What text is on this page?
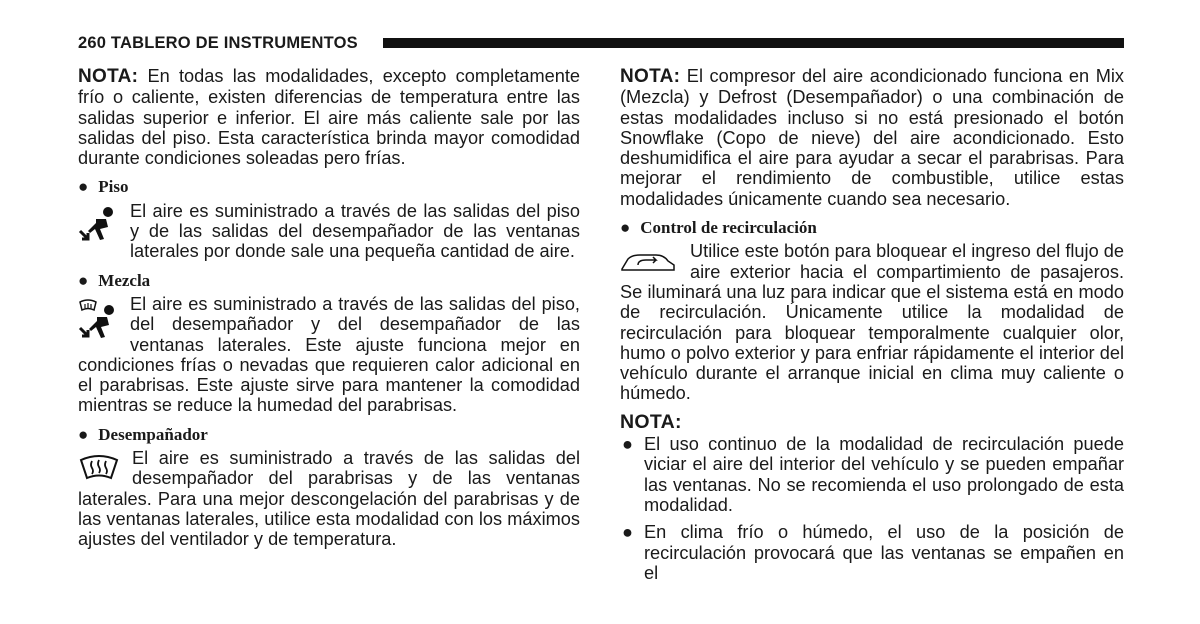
260 TABLERO DE INSTRUMENTOS

NOTA: En todas las modalidades, excepto completamente frío o caliente, existen diferencias de temperatura entre las salidas superior e inferior. El aire más caliente sale por las salidas del piso. Esta característica brinda mayor comodidad durante condiciones soleadas pero frías.

● Piso

El aire es suministrado a través de las salidas del piso y de las salidas del desempañador de las ventanas laterales por donde sale una pequeña cantidad de aire.

● Mezcla

El aire es suministrado a través de las salidas del piso, del desempañador y del desempañador de las ventanas laterales. Este ajuste funciona mejor en condiciones frías o nevadas que requieren calor adicional en el parabrisas. Este ajuste sirve para mantener la comodidad mientras se reduce la humedad del parabrisas.

● Desempañador

El aire es suministrado a través de las salidas del desempañador del parabrisas y de las ventanas laterales. Para una mejor descongelación del parabrisas y de las ventanas laterales, utilice esta modalidad con los máximos ajustes del ventilador y de temperatura.

NOTA: El compresor del aire acondicionado funciona en Mix (Mezcla) y Defrost (Desempañador) o una combinación de estas modalidades incluso si no está presionado el botón Snowflake (Copo de nieve) del aire acondicionado. Esto deshumidifica el aire para ayudar a secar el parabrisas. Para mejorar el rendimiento de combustible, utilice estas modalidades únicamente cuando sea necesario.

● Control de recirculación

Utilice este botón para bloquear el ingreso del flujo de aire exterior hacia el compartimiento de pasajeros. Se iluminará una luz para indicar que el sistema está en modo de recirculación. Únicamente utilice la modalidad de recirculación para bloquear temporalmente cualquier olor, humo o polvo exterior y para enfriar rápidamente el interior del vehículo durante el arranque inicial en clima muy caliente o húmedo.

NOTA:
● El uso continuo de la modalidad de recirculación puede viciar el aire del interior del vehículo y se pueden empañar las ventanas. No se recomienda el uso prolongado de esta modalidad.
● En clima frío o húmedo, el uso de la posición de recirculación provocará que las ventanas se empañen en el
